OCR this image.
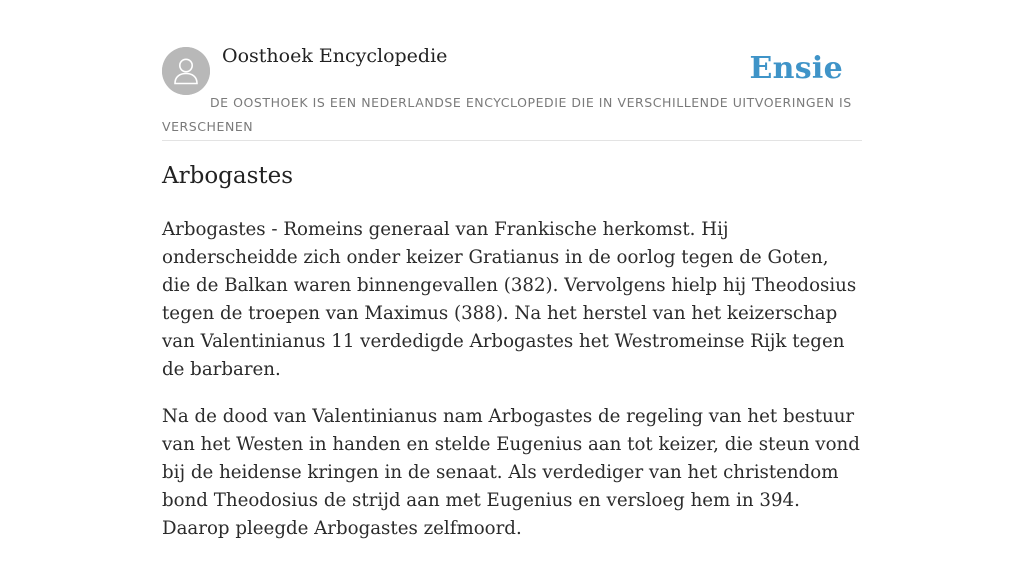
Oosthoek Encyclopedie	Ensie
DE OOSTHOEK IS EEN NEDERLANDSE ENCYCLOPEDIE DIE IN VERSCHILLENDE UITVOERINGEN IS VERSCHENEN
Arbogastes

Arbogastes - Romeins generaal van Frankische herkomst. Hij onderscheidde zich onder keizer Gratianus in de oorlog tegen de Goten, die de Balkan waren binnengevallen (382). Vervolgens hielp hij Theodosius tegen de troepen van Maximus (388). Na het herstel van het keizerschap van Valentinianus 11 verdedigde Arbogastes het Westromeinse Rijk tegen de barbaren.

Na de dood van Valentinianus nam Arbogastes de regeling van het bestuur van het Westen in handen en stelde Eugenius aan tot keizer, die steun vond bij de heidense kringen in de senaat. Als verdediger van het christendom bond Theodosius de strijd aan met Eugenius en versloeg hem in 394. Daarop pleegde Arbogastes zelfmoord.
